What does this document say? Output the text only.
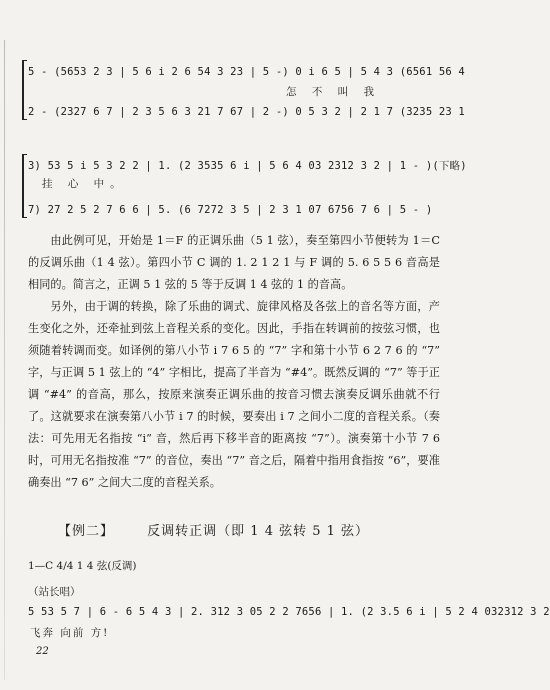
5 - (5653 2 3 | 5 6 i 2 6 54 3 23 | 5 -) 0 i 6 5 | 5 4 3 (6561 56 4
怎 不 叫 我
2 - (2327 6 7 | 2 3 5 6 3 21 7 67 | 2 -) 0 5 3 2 | 2 1 7 (3235 23 1
3) 53 5 i 5 3 2 2 | 1. (2 3535 6 i | 5 6 4 03 2312 3 2 | 1 - )(下略)
挂 心 中。
7) 27 2 5 2 7 6 6 | 5. (6 7272 3 5 | 2 3 1 07 6756 7 6 | 5 - )
由此例可见，开始是 1＝F 的正调乐曲（5 1 弦），奏至第四小节便转为 1＝C 的反调乐曲（1 4 弦）。第四小节 C 调的 1. 2 1 2 1 与 F 调的 5. 6 5 5 6 音高是相同的。简言之，正调 5 1 弦的 5 等于反调 1 4 弦的 1 的音高。
另外，由于调的转换，除了乐曲的调式、旋律风格及各弦上的音名等方面，产生变化之外，还牵扯到弦上音程关系的变化。因此，手指在转调前的按弦习惯，也须随着转调而变。如译例的第八小节 i 7 6 5 的 “7” 字和第十小节 6 2 7 6 的 “7” 字，与正调 5 1 弦上的 “4” 字相比，提高了半音为 “#4”。既然反调的 “7” 等于正调 “#4” 的音高，那么，按原来演奏正调乐曲的按音习惯去演奏反调乐曲就不行了。这就要求在演奏第八小节 i 7 的时候，要奏出 i 7 之间小二度的音程关系。（奏法：可先用无名指按 “i” 音，然后再下移半音的距离按 “7”）。演奏第十小节 7 6 时，可用无名指按准 “7” 的音位，奏出 “7” 音之后，隔着中指用食指按 “6”，要准确奏出 “7 6” 之间大二度的音程关系。
【例二】	反调转正调（即 1 4 弦转 5 1 弦）
1—C 4/4 1 4 弦(反调)
（站长唱）
5 53 5 7 | 6 - 6 5 4 3 | 2. 312 3 05 2 2 7656 | 1. (2 3.5 6 i | 5 2 4 032312 3 2
飞奔 向前 方!
22
